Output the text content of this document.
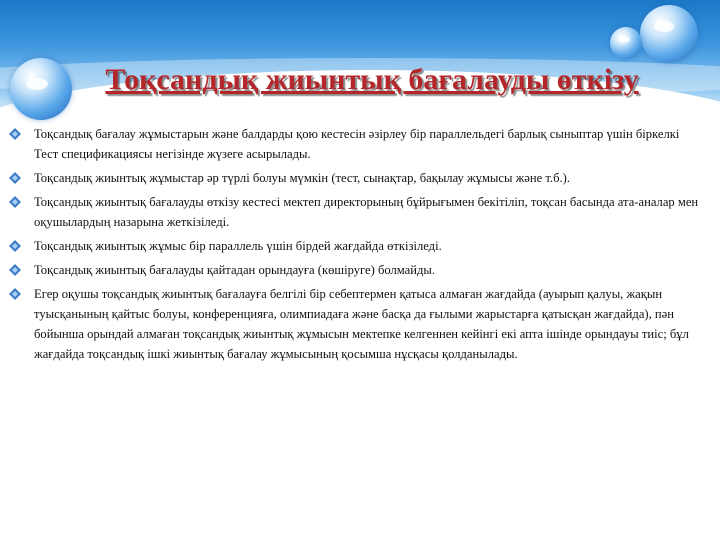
Тоқсандық жиынтық бағалауды өткізу
Тоқсандық бағалау жұмыстарын және балдарды қою кестесін әзірлеу бір параллельдегі барлық сыныптар үшін біркелкі Тест спецификациясы негізінде жүзеге асырылады.
Тоқсандық жиынтық жұмыстар әр түрлі болуы мүмкін (тест, сынақтар, бақылау жұмысы және т.б.).
Тоқсандық жиынтық бағалауды өткізу кестесі мектеп директорының бұйрығымен бекітіліп, тоқсан басында ата-аналар мен оқушылардың назарына жеткізіледі.
Тоқсандық жиынтық жұмыс бір параллель үшін бірдей жағдайда өткізіледі.
Тоқсандық жиынтық бағалауды қайтадан орындауға (көшіруге) болмайды.
Егер оқушы тоқсандық жиынтық бағалауға белгілі бір себептермен қатыса алмаған жағдайда (ауырып қалуы, жақын туысқанының қайтыс болуы, конференцияға, олимпиадаға және басқа да ғылыми жарыстарға қатысқан жағдайда), пән бойынша орындай алмаған тоқсандық жиынтық жұмысын мектепке келгеннен кейінгі екі апта ішінде орындауы тиіс; бұл жағдайда тоқсандық ішкі жиынтық бағалау жұмысының қосымша нұсқасы қолданылады.
